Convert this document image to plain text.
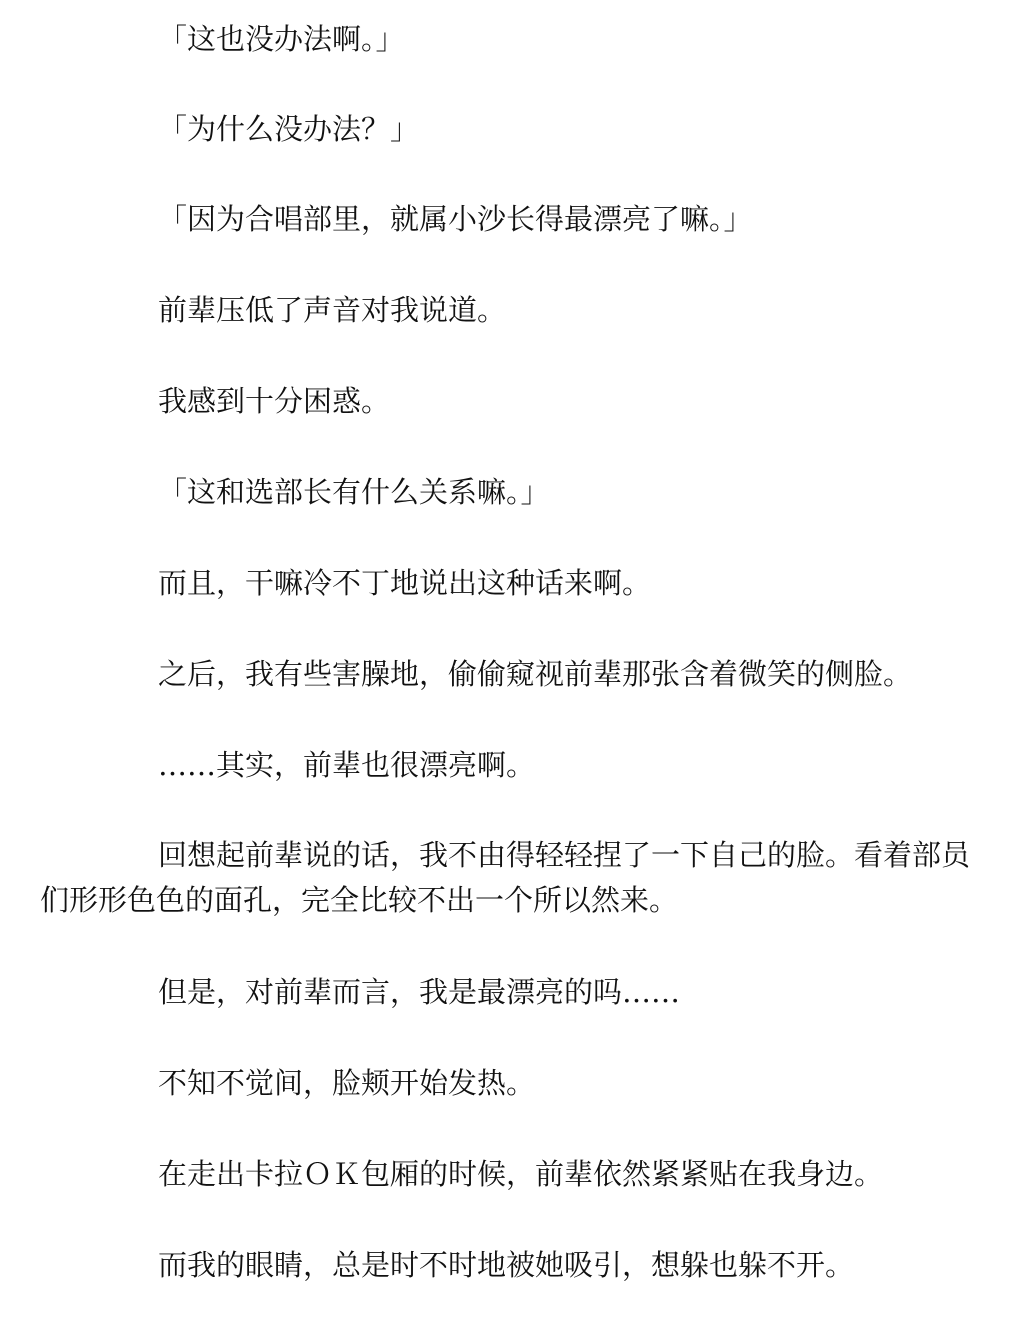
「这也没办法啊。」

「为什么没办法？」

「因为合唱部里，就属小沙长得最漂亮了嘛。」

前辈压低了声音对我说道。

我感到十分困惑。

「这和选部长有什么关系嘛。」

而且，干嘛冷不丁地说出这种话来啊。

之后，我有些害臊地，偷偷窥视前辈那张含着微笑的侧脸。

……其实，前辈也很漂亮啊。

回想起前辈说的话，我不由得轻轻捏了一下自己的脸。看着部员们形形色色的面孔，完全比较不出一个所以然来。

但是，对前辈而言，我是最漂亮的吗……

不知不觉间，脸颊开始发热。

在走出卡拉ＯＫ包厢的时候，前辈依然紧紧贴在我身边。

而我的眼睛，总是时不时地被她吸引，想躲也躲不开。
